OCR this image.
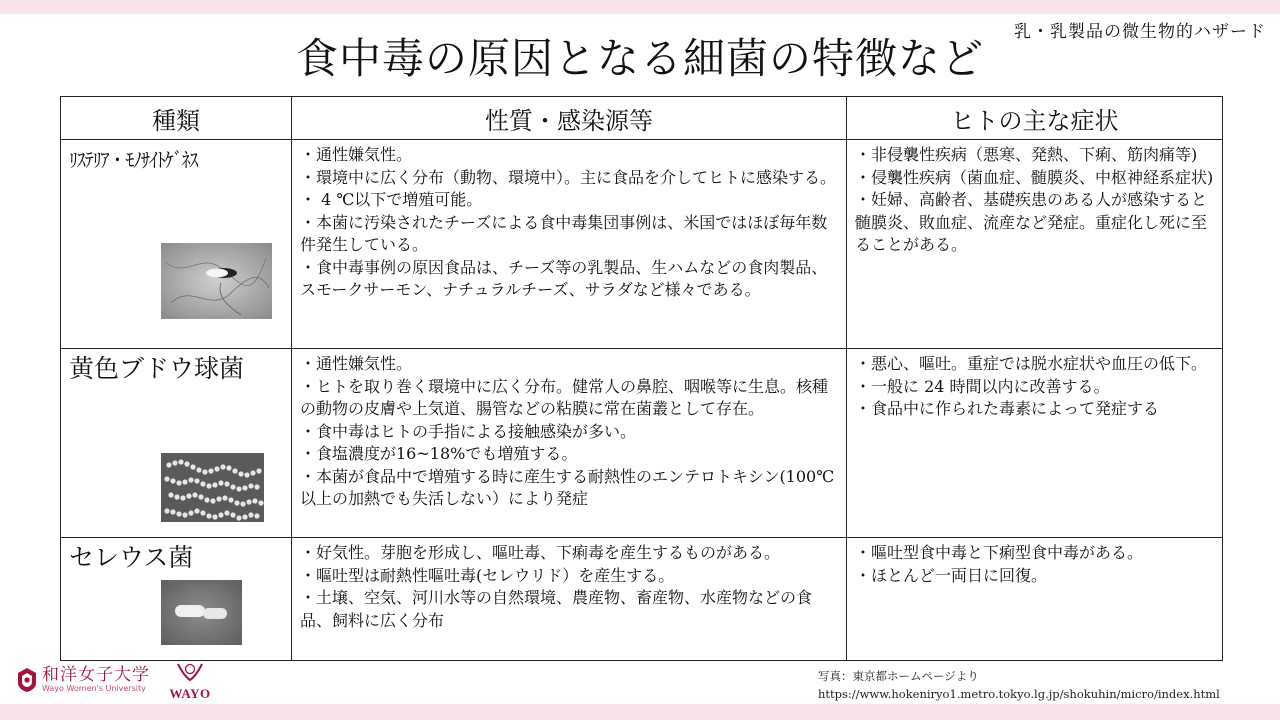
乳・乳製品の微生物的ハザード
食中毒の原因となる細菌の特徴など
種類	性質・感染源等	ヒトの主な症状

ﾘｽﾃﾘｱ・ﾓﾉｻｲﾄｹﾞﾈｽ	・通性嫌気性。
・環境中に広く分布（動物、環境中）。主に食品を介してヒトに感染する。
・ 4 ℃以下で増殖可能。
・本菌に汚染されたチーズによる食中毒集団事例は、米国ではほぼ毎年数件発生している。
・食中毒事例の原因食品は、チーズ等の乳製品、生ハムなどの食肉製品、スモークサーモン、ナチュラルチーズ、サラダなど様々である。	・非侵襲性疾病（悪寒、発熱、下痢、筋肉痛等)
・侵襲性疾病（菌血症、髄膜炎、中枢神経系症状)
・妊婦、高齢者、基礎疾患のある人が感染すると髄膜炎、敗血症、流産など発症。重症化し死に至ることがある。

黄色ブドウ球菌	・通性嫌気性。
・ヒトを取り巻く環境中に広く分布。健常人の鼻腔、咽喉等に生息。核種の動物の皮膚や上気道、腸管などの粘膜に常在菌叢として存在。
・食中毒はヒトの手指による接触感染が多い。
・食塩濃度が16~18%でも増殖する。
・本菌が食品中で増殖する時に産生する耐熱性のエンテロトキシン(100℃以上の加熱でも失活しない）により発症	・悪心、嘔吐。重症では脱水症状や血圧の低下。
・一般に 24 時間以内に改善する。
・食品中に作られた毒素によって発症する

セレウス菌	・好気性。芽胞を形成し、嘔吐毒、下痢毒を産生するものがある。
・嘔吐型は耐熱性嘔吐毒(セレウリド）を産生する。
・土壌、空気、河川水等の自然環境、農産物、畜産物、水産物などの食品、飼料に広く分布	・嘔吐型食中毒と下痢型食中毒がある。
・ほとんど一両日に回復。
和洋女子大学
Wayo Women's University	WAYO
写真：東京都ホームページより
https://www.hokeniryo1.metro.tokyo.lg.jp/shokuhin/micro/index.html
